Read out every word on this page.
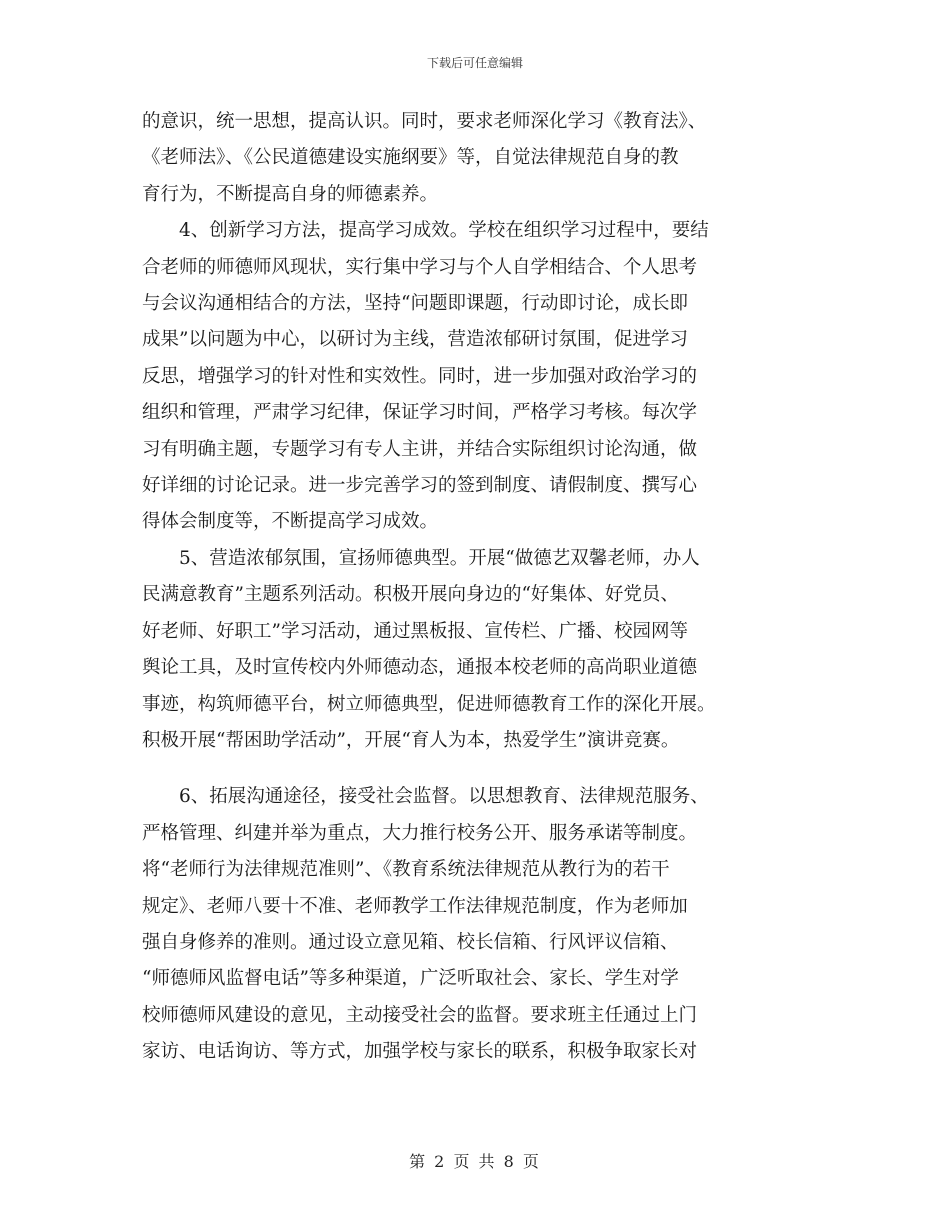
下载后可任意编辑
的意识，统一思想，提高认识。同时，要求老师深化学习《教育法》、
《老师法》、《公民道德建设实施纲要》等，自觉法律规范自身的教
育行为，不断提高自身的师德素养。
4、创新学习方法，提高学习成效。学校在组织学习过程中，要结
合老师的师德师风现状，实行集中学习与个人自学相结合、个人思考
与会议沟通相结合的方法，坚持“问题即课题，行动即讨论，成长即
成果”以问题为中心，以研讨为主线，营造浓郁研讨氛围，促进学习
反思，增强学习的针对性和实效性。同时，进一步加强对政治学习的
组织和管理，严肃学习纪律，保证学习时间，严格学习考核。每次学
习有明确主题，专题学习有专人主讲，并结合实际组织讨论沟通，做
好详细的讨论记录。进一步完善学习的签到制度、请假制度、撰写心
得体会制度等，不断提高学习成效。
5、营造浓郁氛围，宣扬师德典型。开展“做德艺双馨老师，办人
民满意教育”主题系列活动。积极开展向身边的“好集体、好党员、
好老师、好职工”学习活动，通过黑板报、宣传栏、广播、校园网等
舆论工具，及时宣传校内外师德动态，通报本校老师的高尚职业道德
事迹，构筑师德平台，树立师德典型，促进师德教育工作的深化开展。
积极开展“帮困助学活动”，开展“育人为本，热爱学生”演讲竞赛。
6、拓展沟通途径，接受社会监督。以思想教育、法律规范服务、
严格管理、纠建并举为重点，大力推行校务公开、服务承诺等制度。
将“老师行为法律规范准则”、《教育系统法律规范从教行为的若干
规定》、老师八要十不准、老师教学工作法律规范制度，作为老师加
强自身修养的准则。通过设立意见箱、校长信箱、行风评议信箱、
“师德师风监督电话”等多种渠道，广泛听取社会、家长、学生对学
校师德师风建设的意见，主动接受社会的监督。要求班主任通过上门
家访、电话询访、等方式，加强学校与家长的联系，积极争取家长对
第 2 页 共 8 页
